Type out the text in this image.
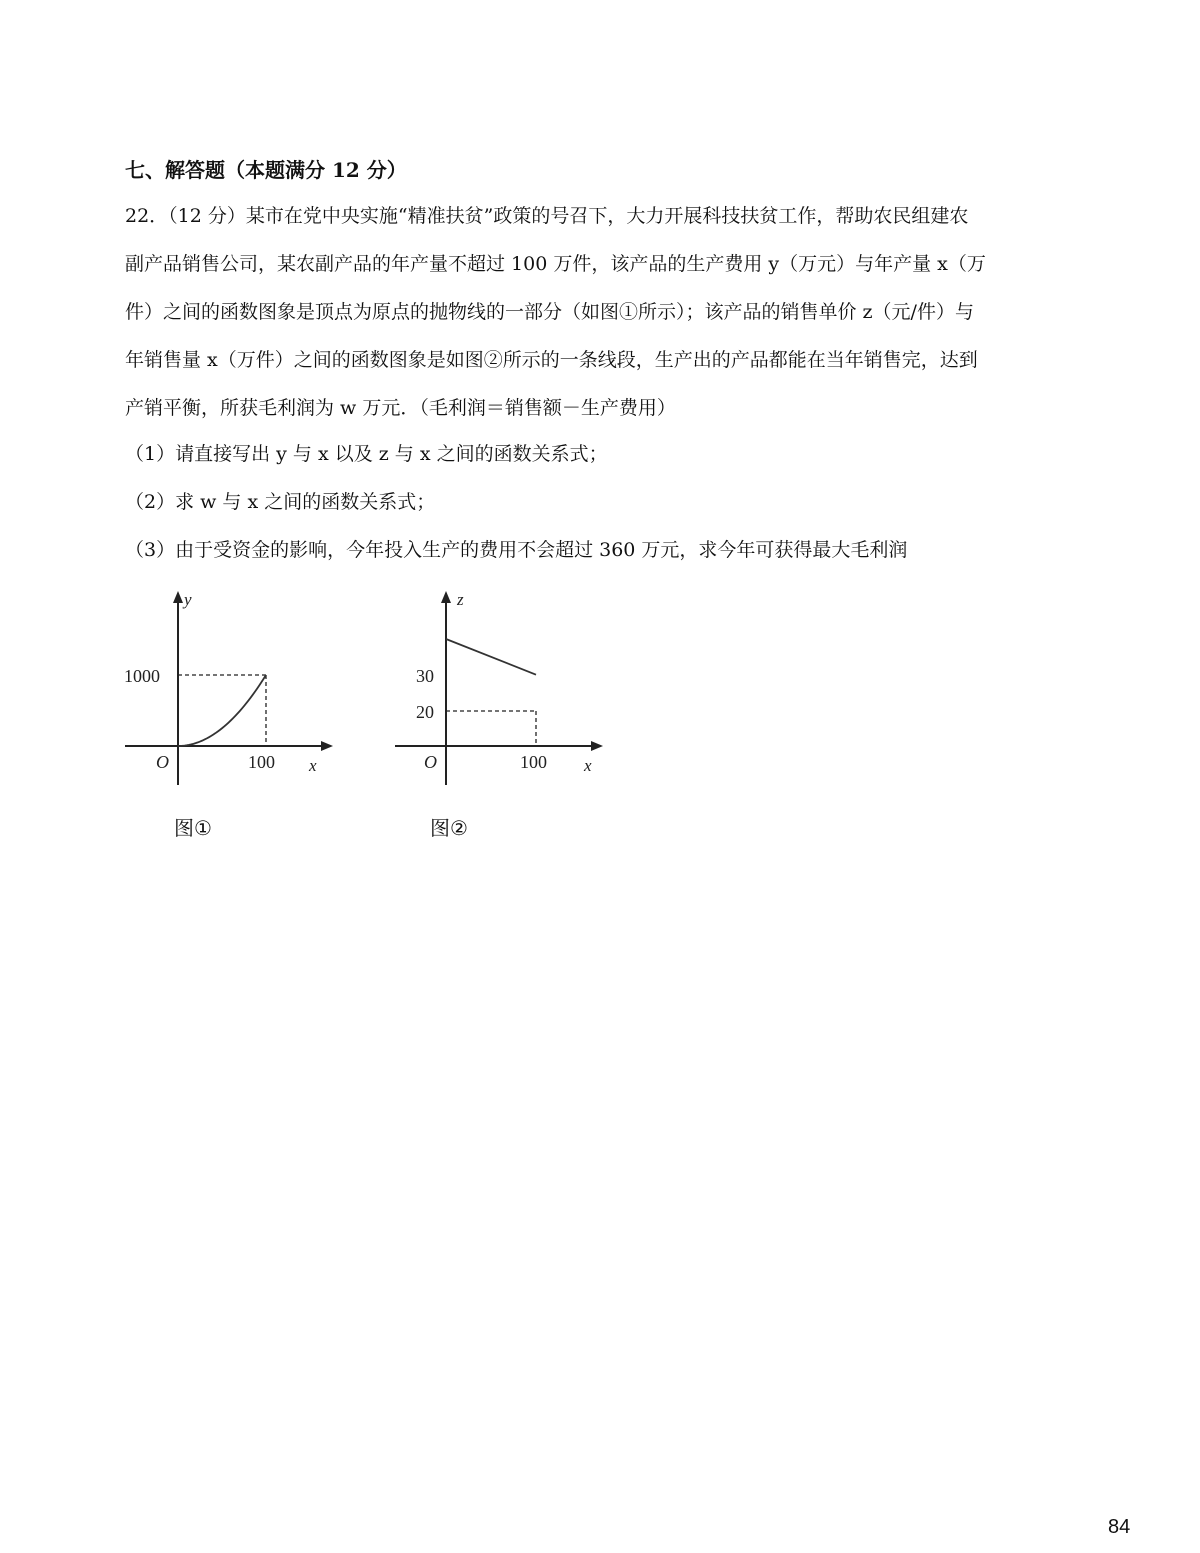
七、解答题（本题满分 12 分）
22．（12 分）某市在党中央实施“精准扶贫”政策的号召下，大力开展科技扶贫工作，帮助农民组建农
副产品销售公司，某农副产品的年产量不超过 100 万件，该产品的生产费用 y（万元）与年产量 x（万
件）之间的函数图象是顶点为原点的抛物线的一部分（如图①所示）；该产品的销售单价 z（元/件）与
年销售量 x（万件）之间的函数图象是如图②所示的一条线段，生产出的产品都能在当年销售完，达到
产销平衡，所获毛利润为 w 万元．（毛利润＝销售额－生产费用）
（1）请直接写出 y 与 x 以及 z 与 x 之间的函数关系式；
（2）求 w 与 x 之间的函数关系式；
（3）由于受资金的影响，今年投入生产的费用不会超过 360 万元，求今年可获得最大毛利润
y
1000
O	100 x
图①
z
30
20
O	100 x
图②
84
